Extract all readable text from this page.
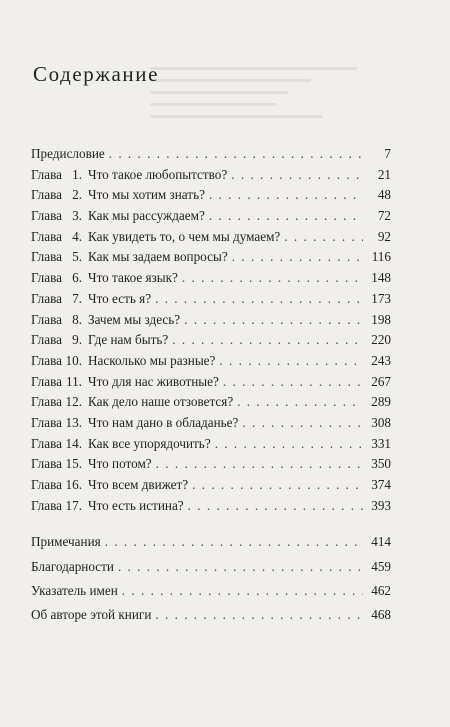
Содержание
Предисловие . . .	7
Глава 1. Что такое любопытство? . . .	21
Глава 2. Что мы хотим знать? . . .	48
Глава 3. Как мы рассуждаем? . . .	72
Глава 4. Как увидеть то, о чем мы думаем? . . .	92
Глава 5. Как мы задаем вопросы? . . .	116
Глава 6. Что такое язык? . . .	148
Глава 7. Что есть я? . . .	173
Глава 8. Зачем мы здесь? . . .	198
Глава 9. Где нам быть? . . .	220
Глава 10. Насколько мы разные? . . .	243
Глава 11. Что для нас животные? . . .	267
Глава 12. Как дело наше отзовется? . . .	289
Глава 13. Что нам дано в обладанье? . . .	308
Глава 14. Как все упорядочить? . . .	331
Глава 15. Что потом? . . .	350
Глава 16. Что всем движет? . . .	374
Глава 17. Что есть истина? . . .	393
Примечания . . .	414
Благодарности . . .	459
Указатель имен . . .	462
Об авторе этой книги . . .	468
